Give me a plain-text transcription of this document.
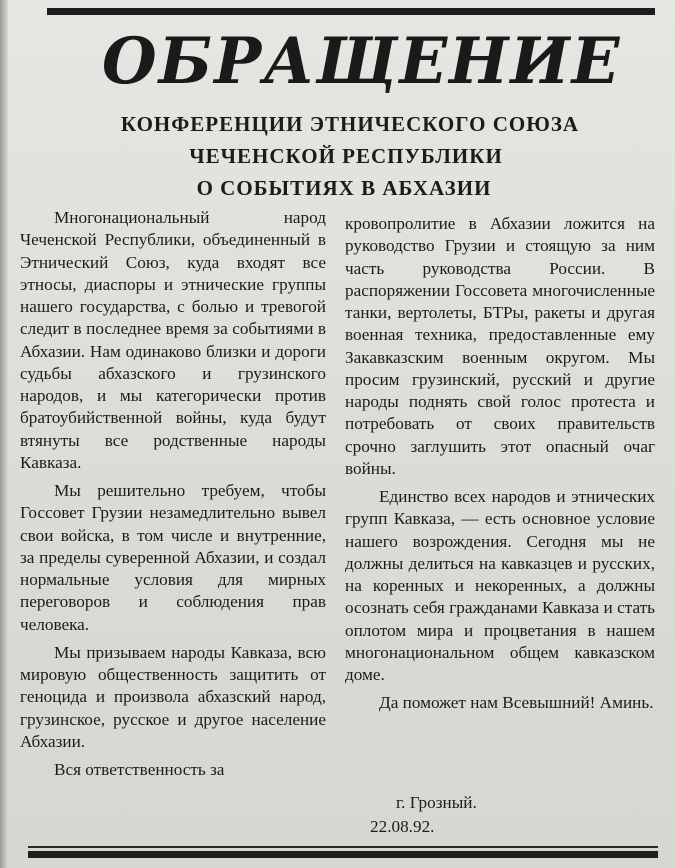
ОБРАЩЕНИЕ
КОНФЕРЕНЦИИ ЭТНИЧЕСКОГО СОЮЗА
ЧЕЧЕНСКОЙ РЕСПУБЛИКИ
О СОБЫТИЯХ В АБХАЗИИ

Многонациональный народ Чеченской Республики, объединенный в Этнический Союз, куда входят все этносы, диаспоры и этнические группы нашего государства, с болью и тревогой следит в последнее время за событиями в Абхазии. Нам одинаково близки и дороги судьбы абхазского и грузинского народов, и мы категорически против братоубийственной войны, куда будут втянуты все родственные народы Кавказа.

Мы решительно требуем, чтобы Госсовет Грузии незамедлительно вывел свои войска, в том числе и внутренние, за пределы суверенной Абхазии, и создал нормальные условия для мирных переговоров и соблюдения прав человека.

Мы призываем народы Кавказа, всю мировую общественность защитить от геноцида и произвола абхазский народ, грузинское, русское и другое население Абхазии.

Вся ответственность за

кровопролитие в Абхазии ложится на руководство Грузии и стоящую за ним часть руководства России. В распоряжении Госсовета многочисленные танки, вертолеты, БТРы, ракеты и другая военная техника, предоставленные ему Закавказским военным округом. Мы просим грузинский, русский и другие народы поднять свой голос протеста и потребовать от своих правительств срочно заглушить этот опасный очаг войны.

Единство всех народов и этнических групп Кавказа, — есть основное условие нашего возрождения. Сегодня мы не должны делиться на кавказцев и русских, на коренных и некоренных, а должны осознать себя гражданами Кавказа и стать оплотом мира и процветания в нашем многонациональном общем кавказском доме.

Да поможет нам Всевышний! Аминь.

г. Грозный.
22.08.92.
